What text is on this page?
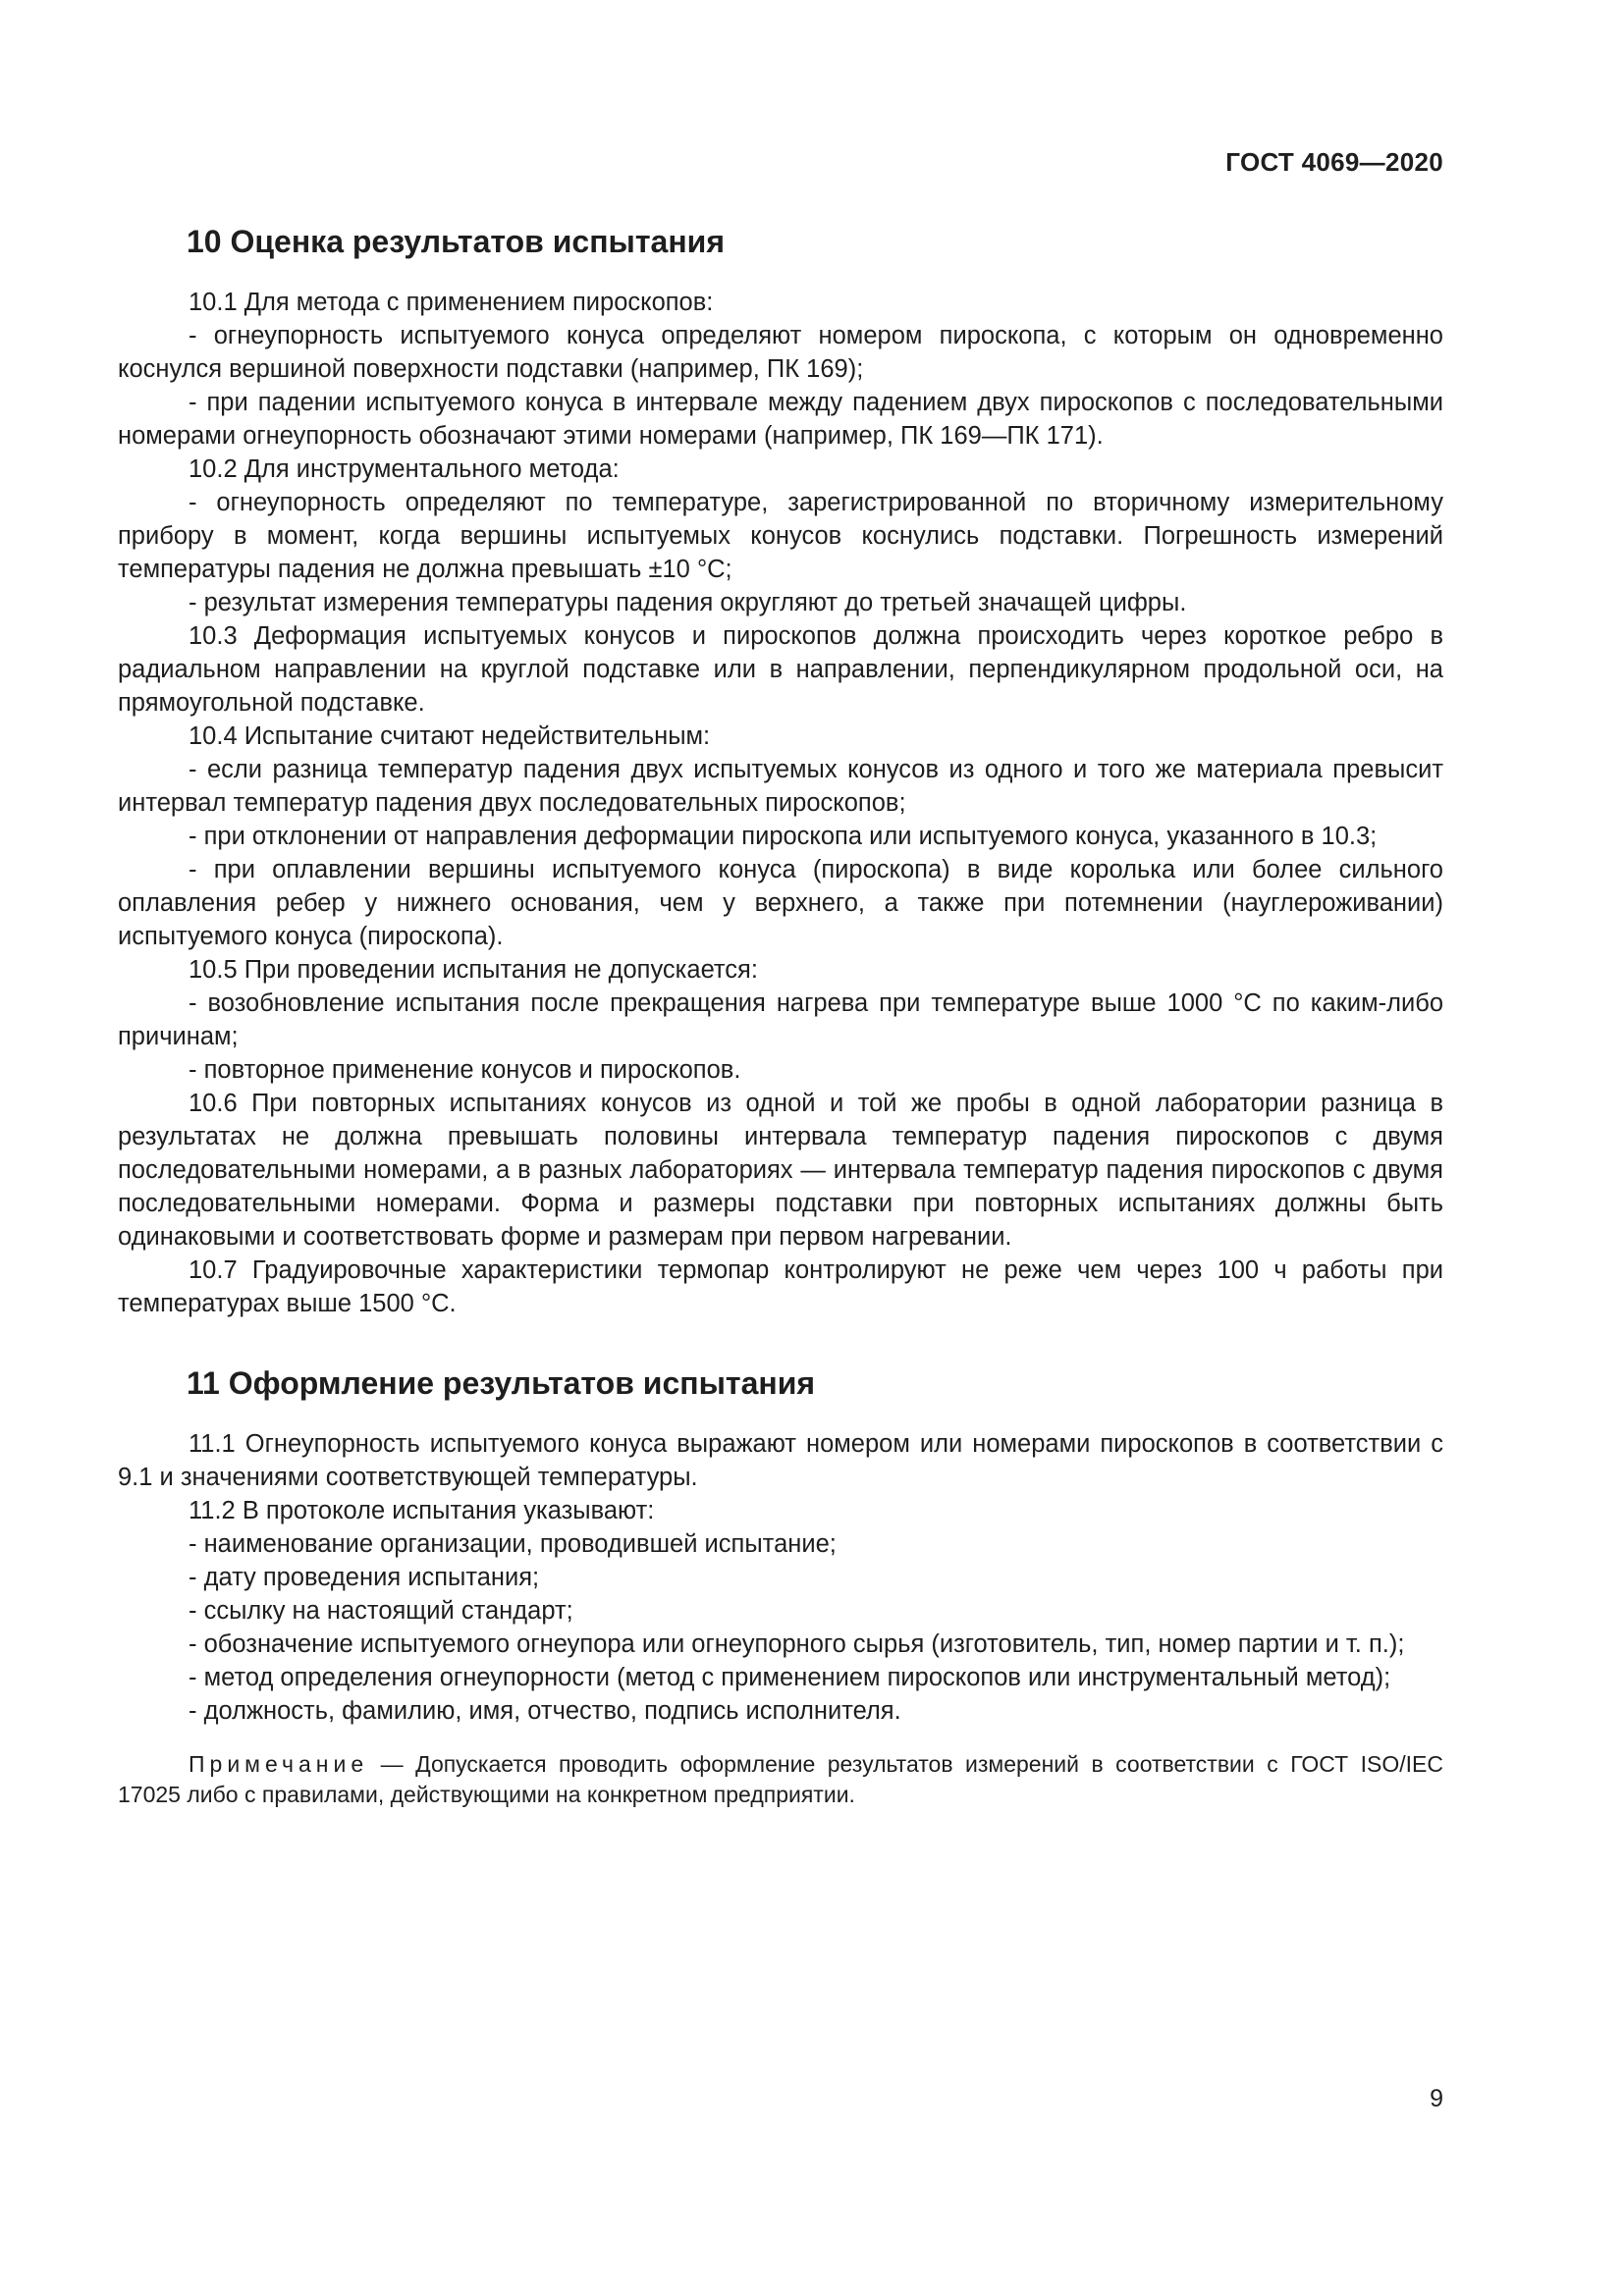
ГОСТ 4069—2020
10 Оценка результатов испытания

10.1 Для метода с применением пироскопов:

- огнеупорность испытуемого конуса определяют номером пироскопа, с которым он одновременно коснулся вершиной поверхности подставки (например, ПК 169);

- при падении испытуемого конуса в интервале между падением двух пироскопов с последовательными номерами огнеупорность обозначают этими номерами (например, ПК 169—ПК 171).

10.2 Для инструментального метода:

- огнеупорность определяют по температуре, зарегистрированной по вторичному измерительному прибору в момент, когда вершины испытуемых конусов коснулись подставки. Погрешность измерений температуры падения не должна превышать ±10 °С;

- результат измерения температуры падения округляют до третьей значащей цифры.

10.3 Деформация испытуемых конусов и пироскопов должна происходить через короткое ребро в радиальном направлении на круглой подставке или в направлении, перпендикулярном продольной оси, на прямоугольной подставке.

10.4 Испытание считают недействительным:

- если разница температур падения двух испытуемых конусов из одного и того же материала превысит интервал температур падения двух последовательных пироскопов;

- при отклонении от направления деформации пироскопа или испытуемого конуса, указанного в 10.3;

- при оплавлении вершины испытуемого конуса (пироскопа) в виде королька или более сильного оплавления ребер у нижнего основания, чем у верхнего, а также при потемнении (науглероживании) испытуемого конуса (пироскопа).

10.5 При проведении испытания не допускается:

- возобновление испытания после прекращения нагрева при температуре выше 1000 °С по каким-либо причинам;

- повторное применение конусов и пироскопов.

10.6 При повторных испытаниях конусов из одной и той же пробы в одной лаборатории разница в результатах не должна превышать половины интервала температур падения пироскопов с двумя последовательными номерами, а в разных лабораториях — интервала температур падения пироскопов с двумя последовательными номерами. Форма и размеры подставки при повторных испытаниях должны быть одинаковыми и соответствовать форме и размерам при первом нагревании.

10.7 Градуировочные характеристики термопар контролируют не реже чем через 100 ч работы при температурах выше 1500 °С.

11 Оформление результатов испытания

11.1 Огнеупорность испытуемого конуса выражают номером или номерами пироскопов в соответствии с 9.1 и значениями соответствующей температуры.

11.2 В протоколе испытания указывают:

- наименование организации, проводившей испытание;

- дату проведения испытания;

- ссылку на настоящий стандарт;

- обозначение испытуемого огнеупора или огнеупорного сырья (изготовитель, тип, номер партии и т. п.);

- метод определения огнеупорности (метод с применением пироскопов или инструментальный метод);

- должность, фамилию, имя, отчество, подпись исполнителя.

Примечание — Допускается проводить оформление результатов измерений в соответствии с ГОСТ ISO/IEC 17025 либо с правилами, действующими на конкретном предприятии.

9
